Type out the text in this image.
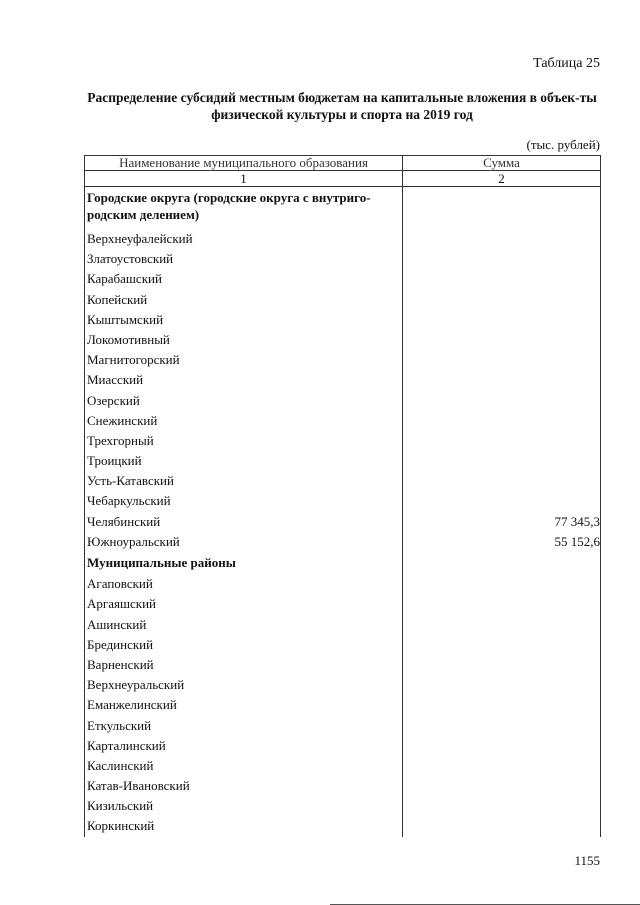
Таблица 25
Распределение субсидий местным бюджетам на капитальные вложения в объек-ты физической культуры и спорта на 2019 год
(тыс. рублей)
Наименование муниципального образования	Сумма
1	2
Городские округа (городские округа с внутриго-родским делением)	
Верхнеуфалейский	
Златоустовский	
Карабашский	
Копейский	
Кыштымский	
Локомотивный	
Магнитогорский	
Миасский	
Озерский	
Снежинский	
Трехгорный	
Троицкий	
Усть-Катавский	
Чебаркульский	
Челябинский	77 345,3
Южноуральский	55 152,6
Муниципальные районы	
Агаповский	
Аргаяшский	
Ашинский	
Брединский	
Варненский	
Верхнеуральский	
Еманжелинский	
Еткульский	
Карталинский	
Каслинский	
Катав-Ивановский	
Кизильский	
Коркинский	
1155
